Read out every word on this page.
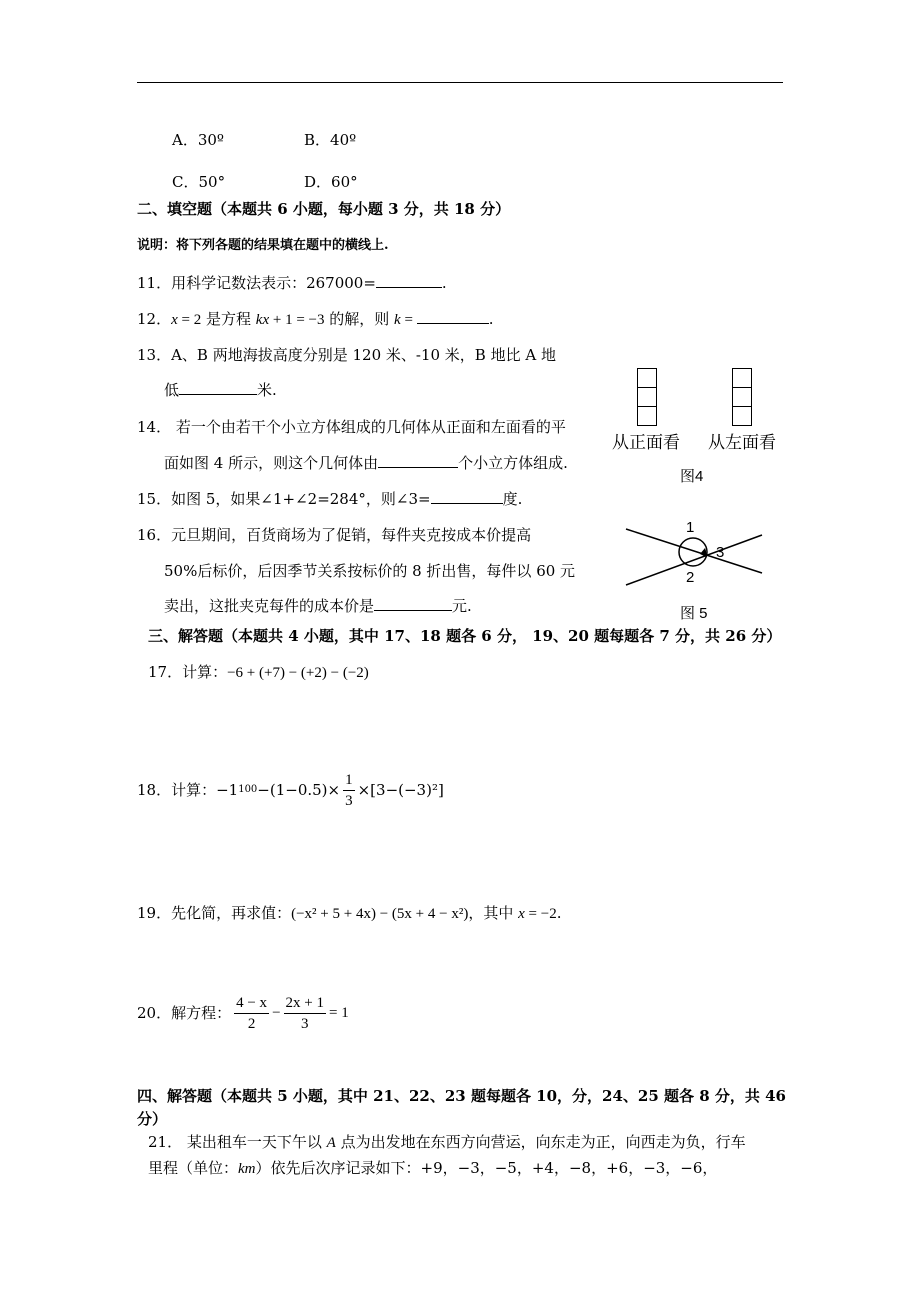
A．30º	B．40º
C．50°	D．60°
二、填空题（本题共 6 小题，每小题 3 分，共 18 分）
说明：将下列各题的结果填在题中的横线上.
11．用科学记数法表示：267000=	.
12．x = 2 是方程 kx + 1 = −3 的解，则 k =	.
13．A、B 两地海拔高度分别是 120 米、-10 米，B 地比 A 地
低	米.
14． 若一个由若干个小立方体组成的几何体从正面和左面看的平
面如图 4 所示，则这个几何体由	个小立方体组成.
从正面看 从左面看
图4
15．如图 5，如果∠1+∠2=284°，则∠3=	度.
16．元旦期间，百货商场为了促销，每件夹克按成本价提高
50%后标价，后因季节关系按标价的 8 折出售，每件以 60 元
卖出，这批夹克每件的成本价是	元.
1
2
3
图 5
三、解答题（本题共 4 小题，其中 17、18 题各 6 分， 19、20 题每题各 7 分，共 26 分）
17．计算：−6 + (+7) − (+2) − (−2)
18．计算：−1 $100 -(1-0.5)\times \frac{1}{3} \times[3-(-3)^2]$
19．先化简，再求值：(−x² + 5 + 4x) − (5x + 4 − x²)，其中 x = −2.
20．解方程： $\frac{4 - x}{2} - \frac{2x + 1}{3} = 1$
四、解答题（本题共 5 小题，其中 21、22、23 题每题各 10，分，24、25 题各 8 分，共 46
分）
21． 某出租车一天下午以 A 点为出发地在东西方向营运，向东走为正，向西走为负，行车
里程（单位：km）依先后次序记录如下：+9，−3，−5，+4，−8，+6，−3，−6，
